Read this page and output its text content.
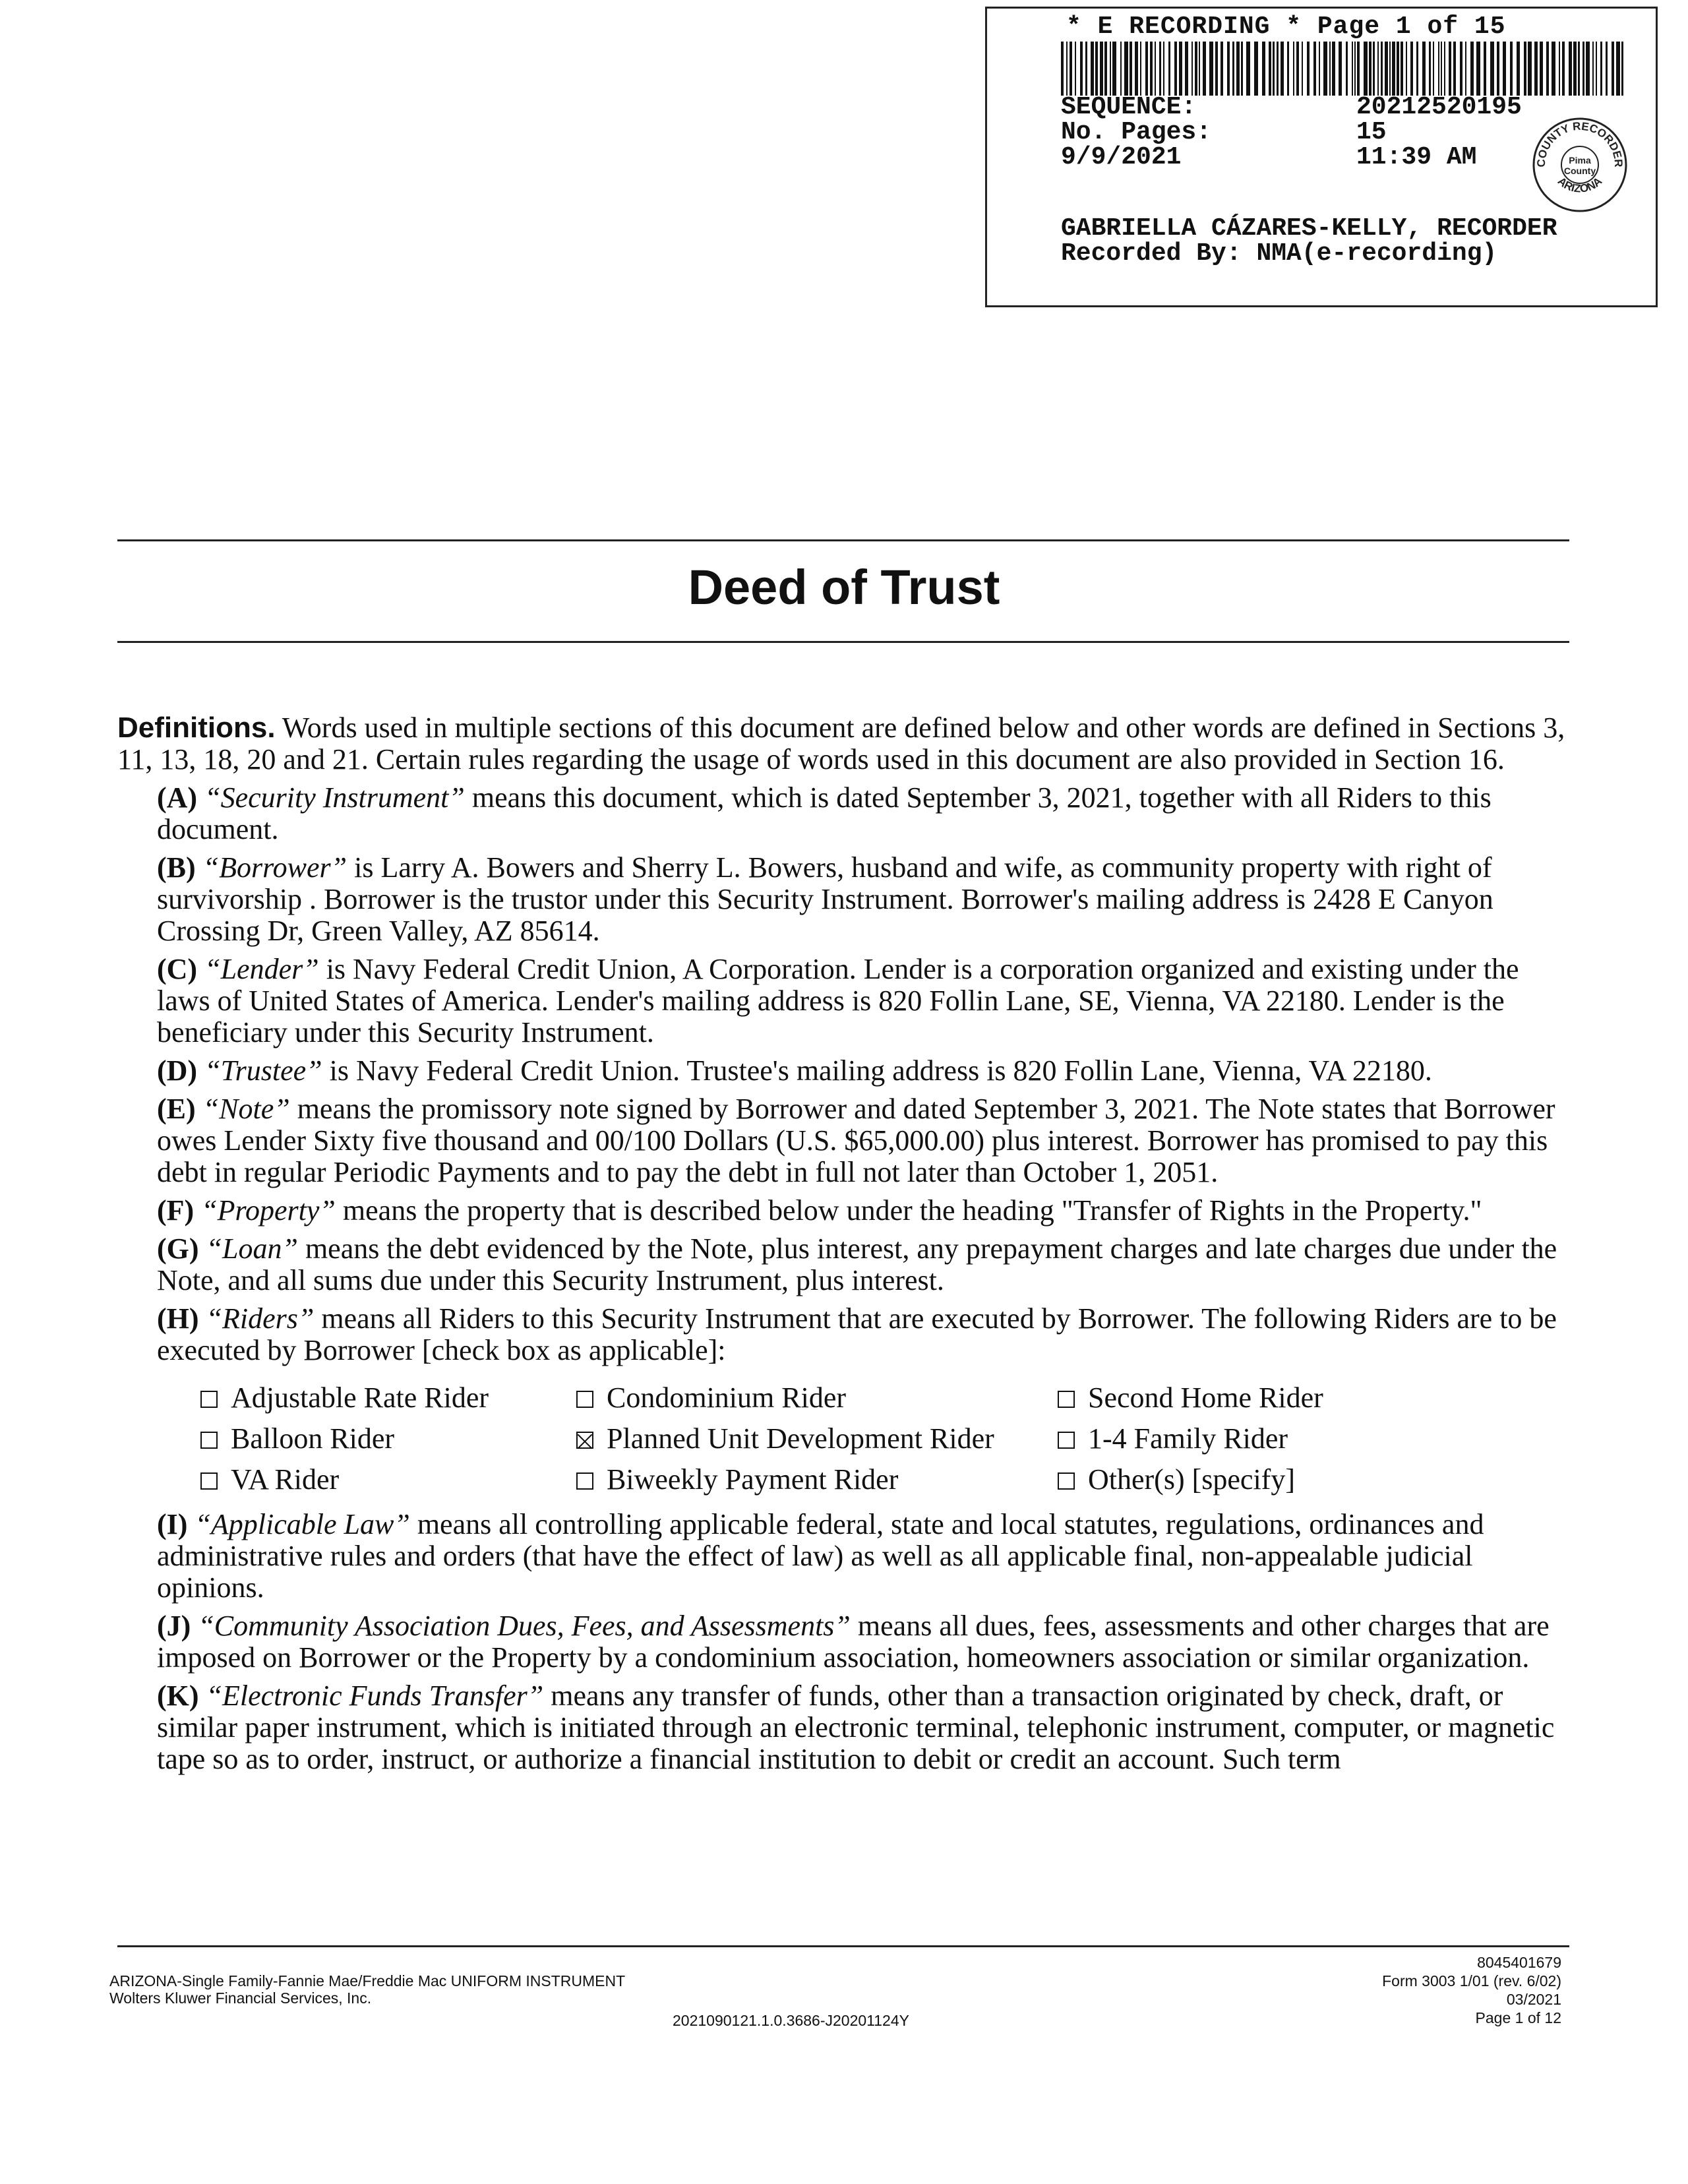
* E RECORDING * Page 1 of 15
SEQUENCE:	20212520195
No. Pages:	15
9/9/2021	11:39 AM	COUNTY RECORDER
ARIZONA
Pima
County
GABRIELLA CÁZARES-KELLY, RECORDER
Recorded By: NMA(e-recording)
Deed of Trust

Definitions. Words used in multiple sections of this document are defined below and other words are defined in Sections 3, 11, 13, 18, 20 and 21. Certain rules regarding the usage of words used in this document are also provided in Section 16.

(A) “Security Instrument” means this document, which is dated September 3, 2021, together with all Riders to this document.

(B) “Borrower” is Larry A. Bowers and Sherry L. Bowers, husband and wife, as community property with right of survivorship . Borrower is the trustor under this Security Instrument. Borrower's mailing address is 2428 E Canyon Crossing Dr, Green Valley, AZ 85614.

(C) “Lender” is Navy Federal Credit Union, A Corporation. Lender is a corporation organized and existing under the laws of United States of America. Lender's mailing address is 820 Follin Lane, SE, Vienna, VA 22180. Lender is the beneficiary under this Security Instrument.

(D) “Trustee” is Navy Federal Credit Union. Trustee's mailing address is 820 Follin Lane, Vienna, VA 22180.

(E) “Note” means the promissory note signed by Borrower and dated September 3, 2021. The Note states that Borrower owes Lender Sixty five thousand and 00/100 Dollars (U.S. $65,000.00) plus interest. Borrower has promised to pay this debt in regular Periodic Payments and to pay the debt in full not later than October 1, 2051.

(F) “Property” means the property that is described below under the heading "Transfer of Rights in the Property."

(G) “Loan” means the debt evidenced by the Note, plus interest, any prepayment charges and late charges due under the Note, and all sums due under this Security Instrument, plus interest.

(H) “Riders” means all Riders to this Security Instrument that are executed by Borrower. The following Riders are to be executed by Borrower [check box as applicable]:

Adjustable Rate Rider	Condominium Rider	Second Home Rider
Balloon Rider	Planned Unit Development Rider	1-4 Family Rider
VA Rider	Biweekly Payment Rider	Other(s) [specify]

(I) “Applicable Law” means all controlling applicable federal, state and local statutes, regulations, ordinances and administrative rules and orders (that have the effect of law) as well as all applicable final, non-appealable judicial opinions.

(J) “Community Association Dues, Fees, and Assessments” means all dues, fees, assessments and other charges that are imposed on Borrower or the Property by a condominium association, homeowners association or similar organization.

(K) “Electronic Funds Transfer” means any transfer of funds, other than a transaction originated by check, draft, or similar paper instrument, which is initiated through an electronic terminal, telephonic instrument, computer, or magnetic tape so as to order, instruct, or authorize a financial institution to debit or credit an account. Such term

ARIZONA-Single Family-Fannie Mae/Freddie Mac UNIFORM INSTRUMENT
Wolters Kluwer Financial Services, Inc.
2021090121.1.0.3686-J20201124Y
8045401679
Form 3003 1/01 (rev. 6/02)
03/2021
Page 1 of 12
